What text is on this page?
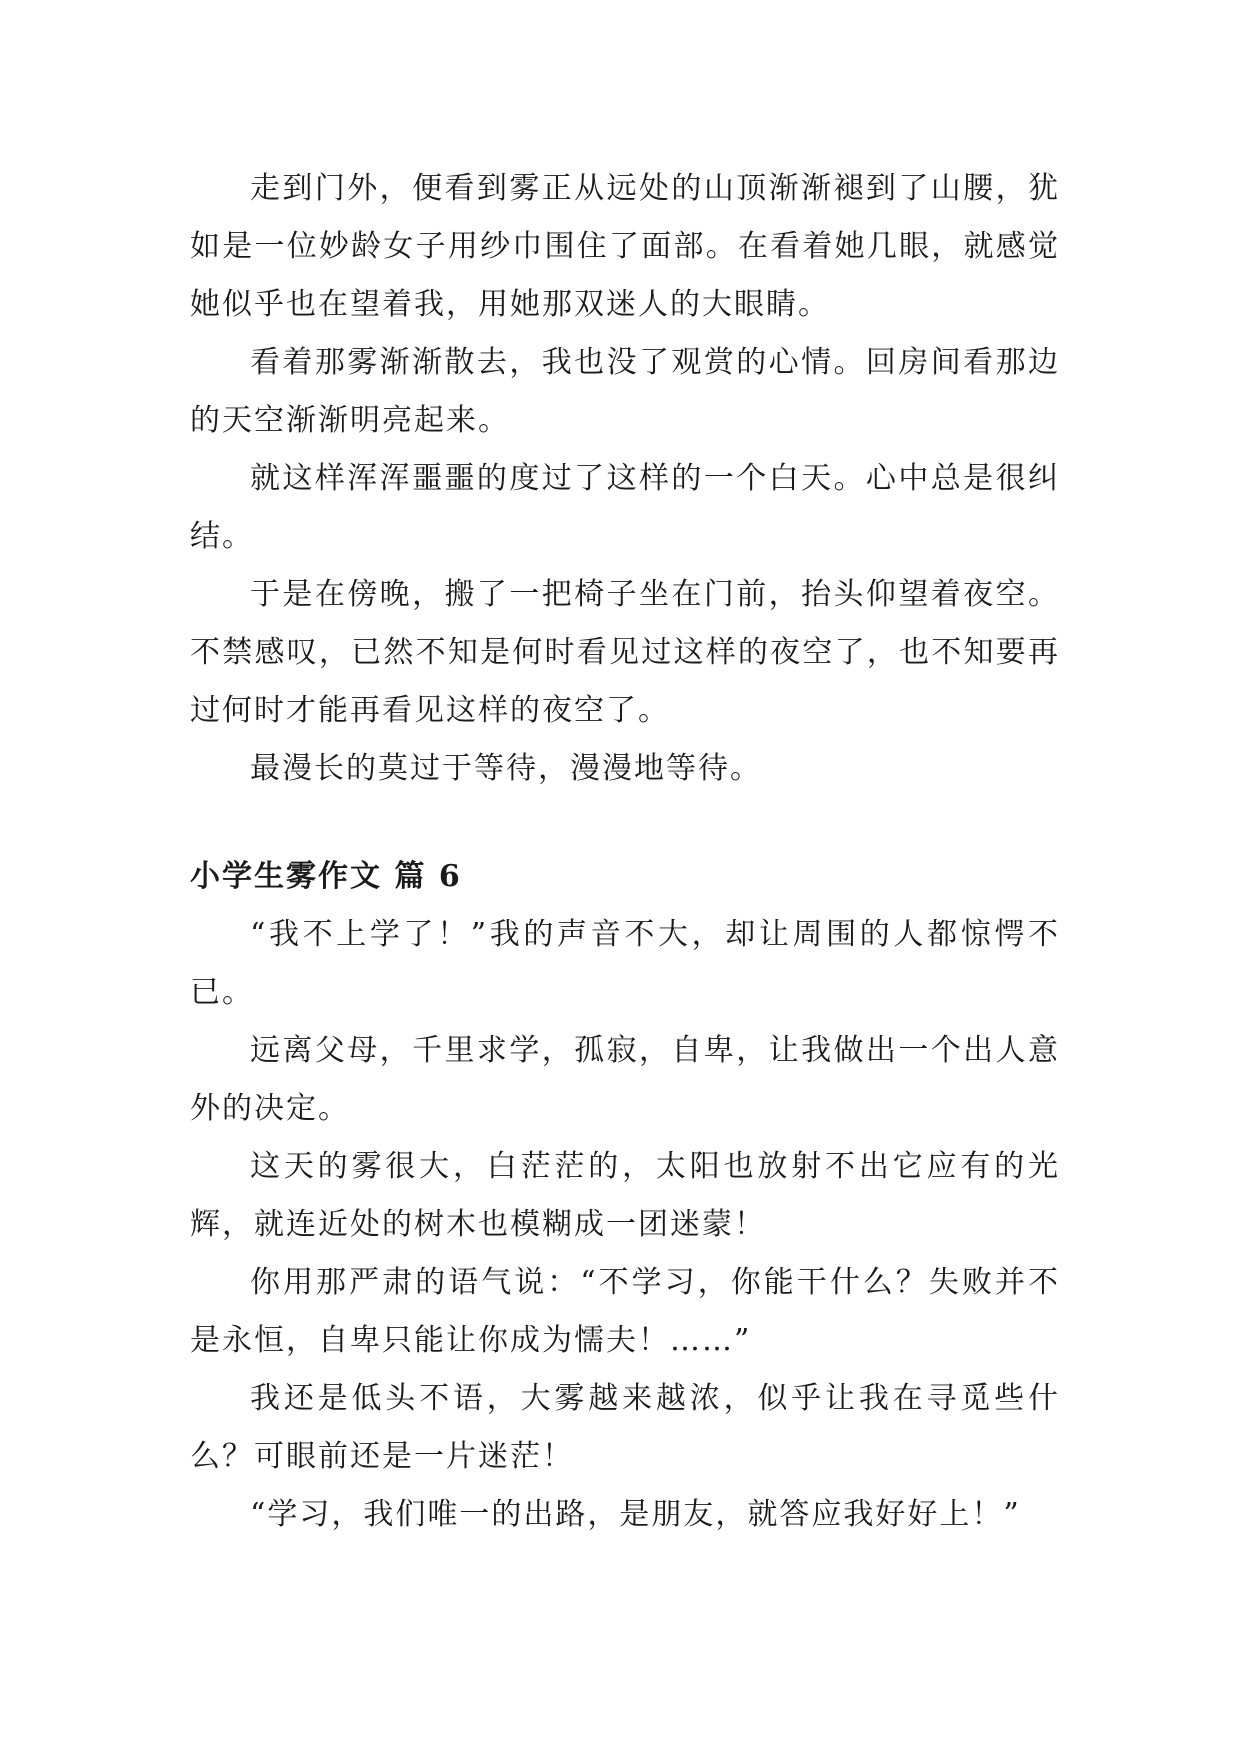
走到门外，便看到雾正从远处的山顶渐渐褪到了山腰，犹如是一位妙龄女子用纱巾围住了面部。在看着她几眼，就感觉她似乎也在望着我，用她那双迷人的大眼睛。

看着那雾渐渐散去，我也没了观赏的心情。回房间看那边的天空渐渐明亮起来。

就这样浑浑噩噩的度过了这样的一个白天。心中总是很纠结。

于是在傍晚，搬了一把椅子坐在门前，抬头仰望着夜空。不禁感叹，已然不知是何时看见过这样的夜空了，也不知要再过何时才能再看见这样的夜空了。

最漫长的莫过于等待，漫漫地等待。

小学生雾作文 篇 6

“我不上学了！”我的声音不大，却让周围的人都惊愕不已。

远离父母，千里求学，孤寂，自卑，让我做出一个出人意外的决定。

这天的雾很大，白茫茫的，太阳也放射不出它应有的光辉，就连近处的树木也模糊成一团迷蒙！

你用那严肃的语气说：“不学习，你能干什么？失败并不是永恒，自卑只能让你成为懦夫！……”

我还是低头不语，大雾越来越浓，似乎让我在寻觅些什么？可眼前还是一片迷茫！

“学习，我们唯一的出路，是朋友，就答应我好好上！”
